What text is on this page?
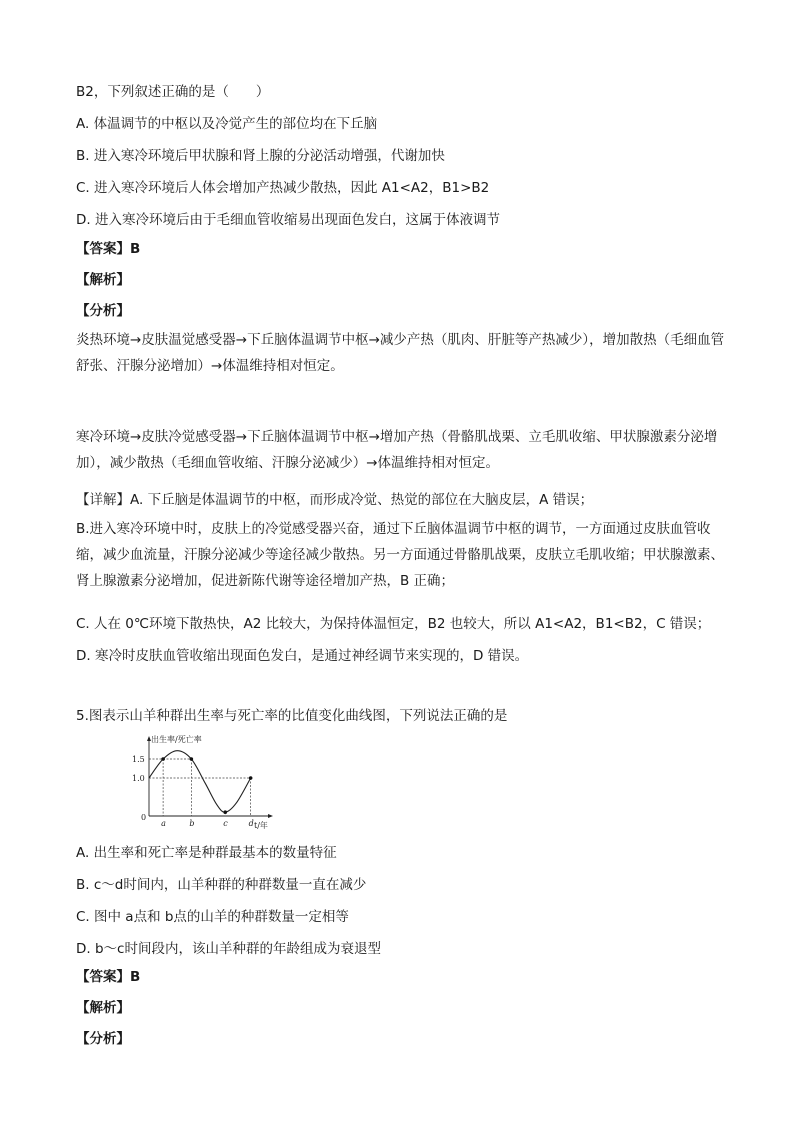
B2，下列叙述正确的是（　　）
A. 体温调节的中枢以及冷觉产生的部位均在下丘脑
B. 进入寒冷环境后甲状腺和肾上腺的分泌活动增强，代谢加快
C. 进入寒冷环境后人体会增加产热减少散热，因此 A1<A2，B1>B2
D. 进入寒冷环境后由于毛细血管收缩易出现面色发白，这属于体液调节
【答案】B
【解析】
【分析】
炎热环境→皮肤温觉感受器→下丘脑体温调节中枢→减少产热（肌肉、肝脏等产热减少），增加散热（毛细血管舒张、汗腺分泌增加）→体温维持相对恒定。
寒冷环境→皮肤冷觉感受器→下丘脑体温调节中枢→增加产热（骨骼肌战栗、立毛肌收缩、甲状腺激素分泌增加），减少散热（毛细血管收缩、汗腺分泌减少）→体温维持相对恒定。
【详解】A. 下丘脑是体温调节的中枢，而形成冷觉、热觉的部位在大脑皮层，A 错误；
B.进入寒冷环境中时，皮肤上的冷觉感受器兴奋，通过下丘脑体温调节中枢的调节，一方面通过皮肤血管收缩，减少血流量，汗腺分泌减少等途径减少散热。另一方面通过骨骼肌战栗，皮肤立毛肌收缩；甲状腺激素、肾上腺激素分泌增加，促进新陈代谢等途径增加产热，B 正确；
C. 人在 0℃环境下散热快，A2 比较大，为保持体温恒定，B2 也较大，所以 A1<A2，B1<B2，C 错误；
D. 寒冷时皮肤血管收缩出现面色发白，是通过神经调节来实现的，D 错误。
5.图表示山羊种群出生率与死亡率的比值变化曲线图，下列说法正确的是
出生率/死亡率
t/年
0
a	b	c	d
1.0
1.5
A. 出生率和死亡率是种群最基本的数量特征
B. c～d时间内，山羊种群的种群数量一直在减少
C. 图中 a点和 b点的山羊的种群数量一定相等
D. b～c时间段内，该山羊种群的年龄组成为衰退型
【答案】B
【解析】
【分析】
